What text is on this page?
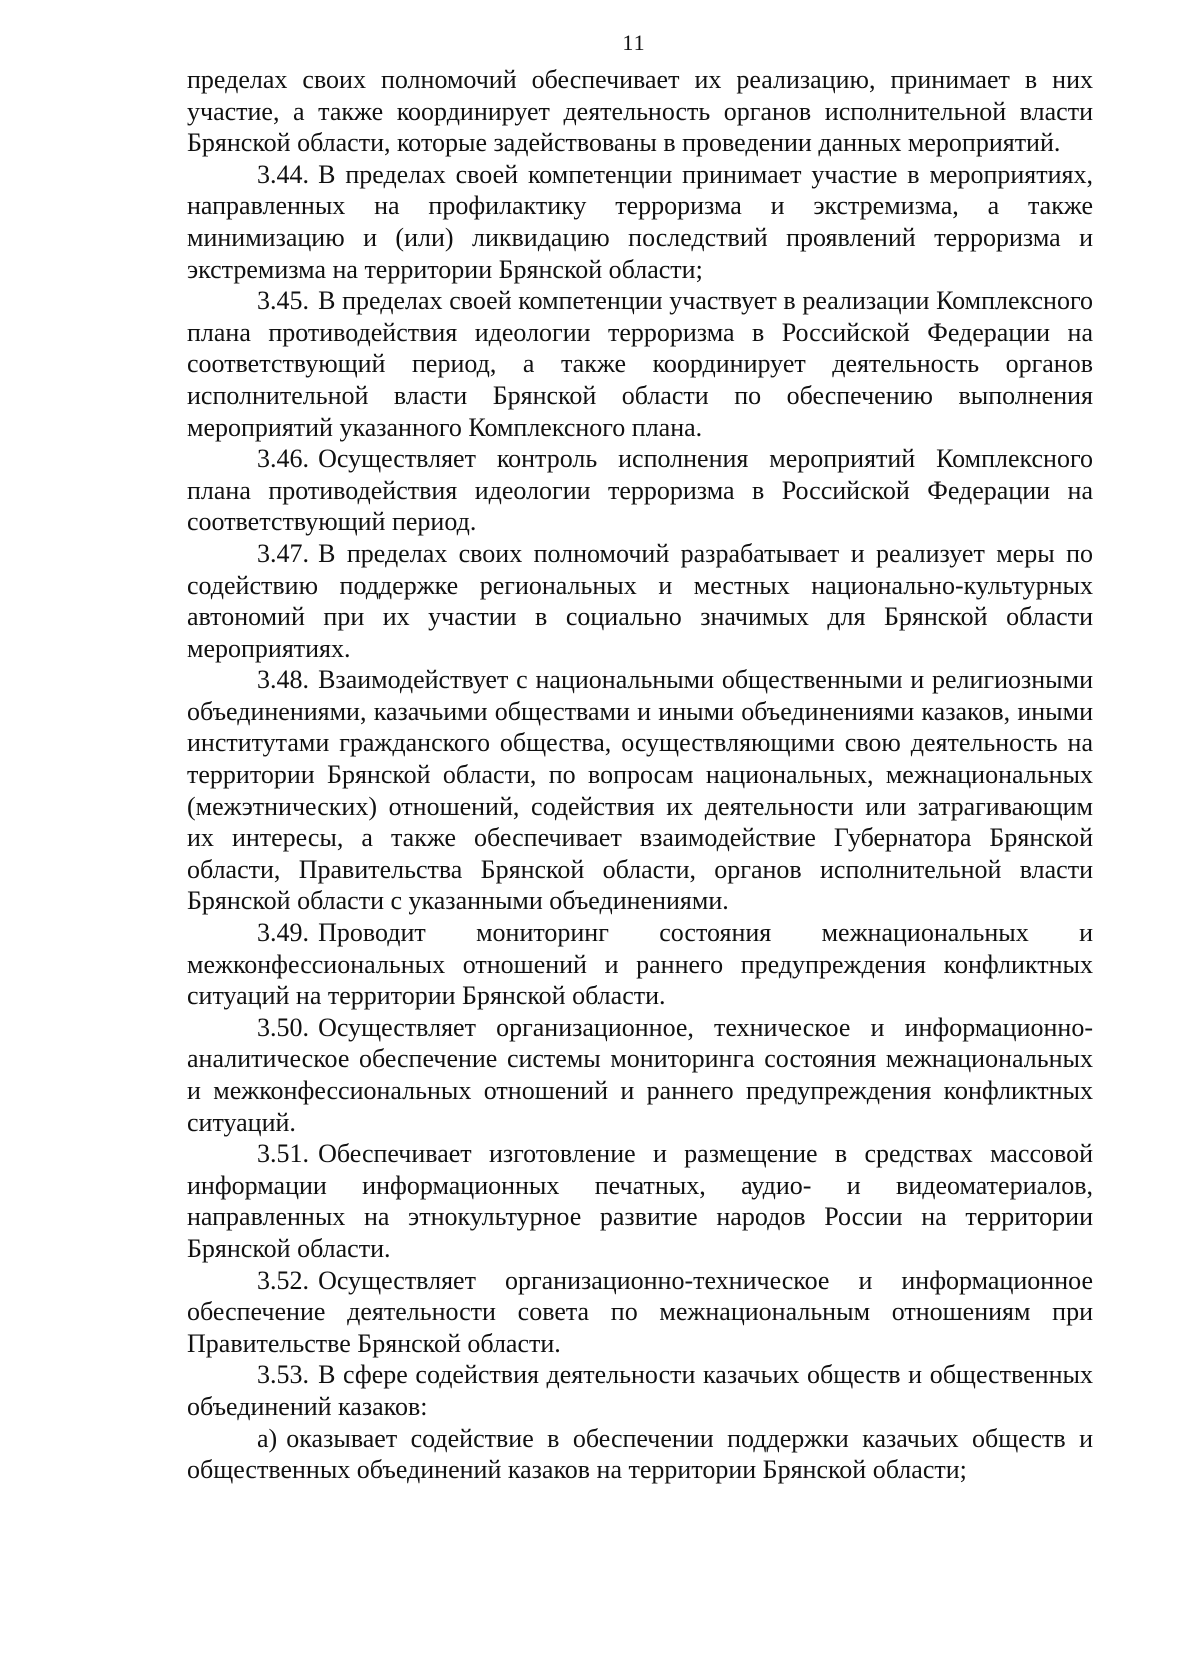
11

пределах своих полномочий обеспечивает их реализацию, принимает в них участие, а также координирует деятельность органов исполнительной власти Брянской области, которые задействованы в проведении данных мероприятий.

3.44. В пределах своей компетенции принимает участие в мероприятиях, направленных на профилактику терроризма и экстремизма, а также минимизацию и (или) ликвидацию последствий проявлений терроризма и экстремизма на территории Брянской области;

3.45. В пределах своей компетенции участвует в реализации Комплексного плана противодействия идеологии терроризма в Российской Федерации на соответствующий период, а также координирует деятельность органов исполнительной власти Брянской области по обеспечению выполнения мероприятий указанного Комплексного плана.

3.46. Осуществляет контроль исполнения мероприятий Комплексного плана противодействия идеологии терроризма в Российской Федерации на соответствующий период.

3.47. В пределах своих полномочий разрабатывает и реализует меры по содействию поддержке региональных и местных национально-культурных автономий при их участии в социально значимых для Брянской области мероприятиях.

3.48. Взаимодействует с национальными общественными и религиозными объединениями, казачьими обществами и иными объединениями казаков, иными институтами гражданского общества, осуществляющими свою деятельность на территории Брянской области, по вопросам национальных, межнациональных (межэтнических) отношений, содействия их деятельности или затрагивающим их интересы, а также обеспечивает взаимодействие Губернатора Брянской области, Правительства Брянской области, органов исполнительной власти Брянской области с указанными объединениями.

3.49. Проводит мониторинг состояния межнациональных и межконфессиональных отношений и раннего предупреждения конфликтных ситуаций на территории Брянской области.

3.50. Осуществляет организационное, техническое и информационно-аналитическое обеспечение системы мониторинга состояния межнациональных и межконфессиональных отношений и раннего предупреждения конфликтных ситуаций.

3.51. Обеспечивает изготовление и размещение в средствах массовой информации информационных печатных, аудио- и видеоматериалов, направленных на этнокультурное развитие народов России на территории Брянской области.

3.52. Осуществляет организационно-техническое и информационное обеспечение деятельности совета по межнациональным отношениям при Правительстве Брянской области.

3.53. В сфере содействия деятельности казачьих обществ и общественных объединений казаков:

а) оказывает содействие в обеспечении поддержки казачьих обществ и общественных объединений казаков на территории Брянской области;
